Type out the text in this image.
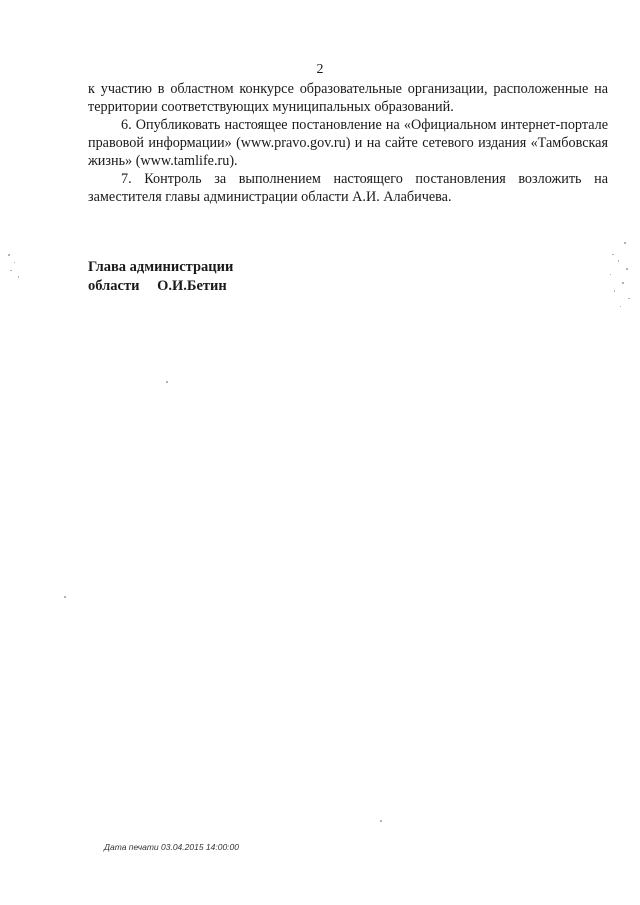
2

к участию в областном конкурсе образовательные организации, расположенные на территории соответствующих муниципальных образований.

6. Опубликовать настоящее постановление на «Официальном интернет-портале правовой информации» (www.pravo.gov.ru) и на сайте сетевого издания «Тамбовская жизнь» (www.tamlife.ru).

7. Контроль за выполнением настоящего постановления возложить на заместителя главы администрации области А.И. Алабичева.

Глава администрации
области О.И.Бетин
Дата печати 03.04.2015 14:00:00
